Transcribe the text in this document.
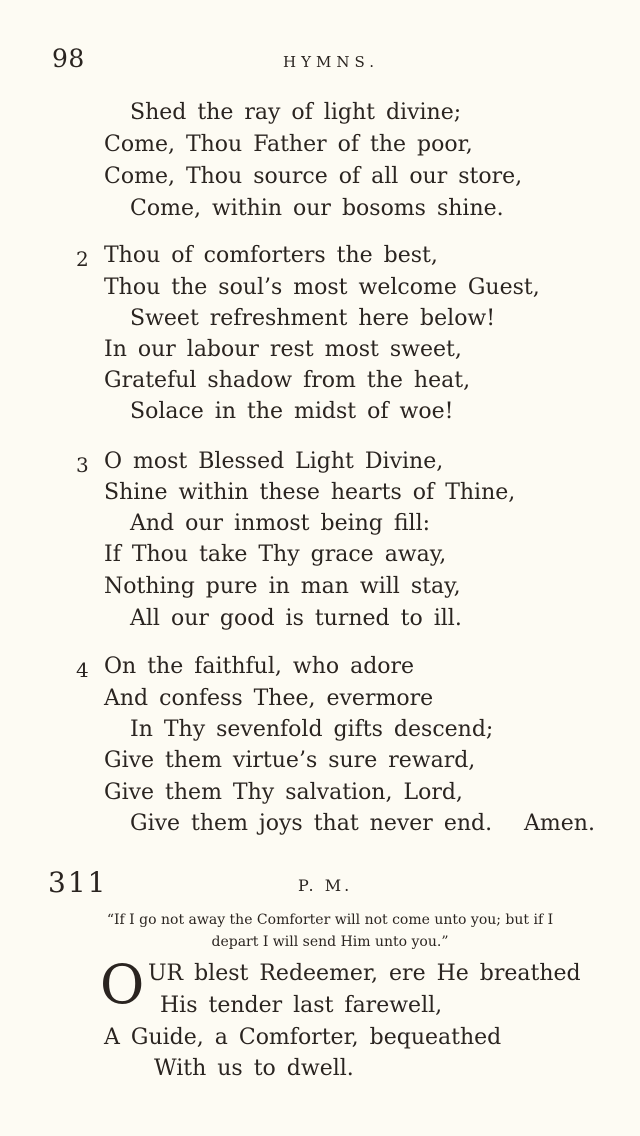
98	HYMNS.
Shed the ray of light divine;
Come, Thou Father of the poor,
Come, Thou source of all our store,
Come, within our bosoms shine.
2 Thou of comforters the best,
Thou the soul’s most welcome Guest,
Sweet refreshment here below!
In our labour rest most sweet,
Grateful shadow from the heat,
Solace in the midst of woe!
3 O most Blessed Light Divine,
Shine within these hearts of Thine,
And our inmost being fill:
If Thou take Thy grace away,
Nothing pure in man will stay,
All our good is turned to ill.
4 On the faithful, who adore
And confess Thee, evermore
In Thy sevenfold gifts descend;
Give them virtue’s sure reward,
Give them Thy salvation, Lord,
Give them joys that never end. Amen.
311	P. M.
“If I go not away the Comforter will not come unto you; but if I
depart I will send Him unto you.”
O UR blest Redeemer, ere He breathed
His tender last farewell,
A Guide, a Comforter, bequeathed
With us to dwell.
